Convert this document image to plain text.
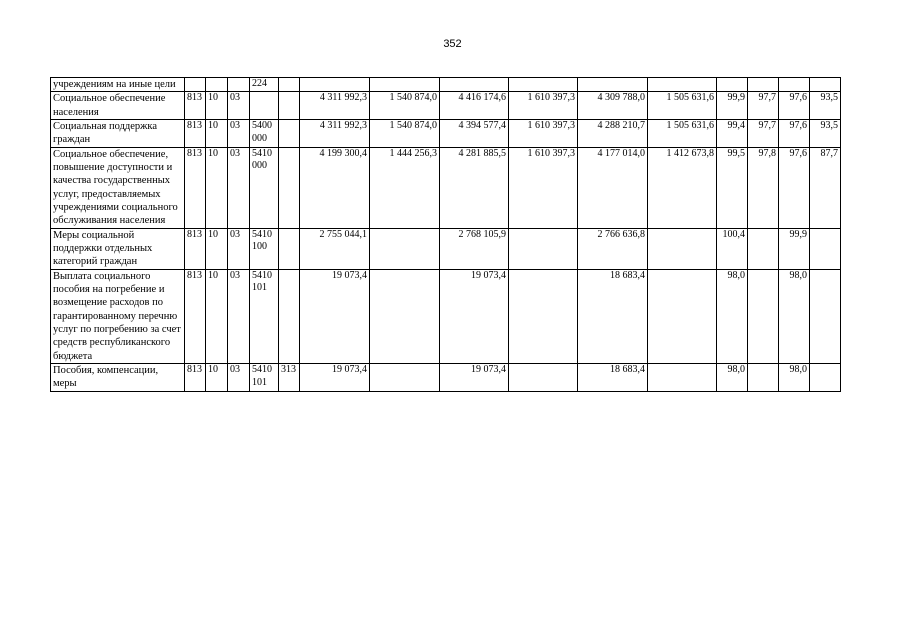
352
учреждениям на иные цели				224											
Социальное обеспечение населения	813	10	03			4 311 992,3	1 540 874,0	4 416 174,6	1 610 397,3	4 309 788,0	1 505 631,6	99,9	97,7	97,6	93,5
Социальная поддержка граждан	813	10	03	5400 000		4 311 992,3	1 540 874,0	4 394 577,4	1 610 397,3	4 288 210,7	1 505 631,6	99,4	97,7	97,6	93,5
Социальное обеспечение, повышение доступности и качества государственных услуг, предоставляемых учреждениями социального обслуживания населения	813	10	03	5410 000		4 199 300,4	1 444 256,3	4 281 885,5	1 610 397,3	4 177 014,0	1 412 673,8	99,5	97,8	97,6	87,7
Меры социальной поддержки отдельных категорий граждан	813	10	03	5410 100		2 755 044,1		2 768 105,9		2 766 636,8		100,4		99,9	
Выплата социального пособия на погребение и возмещение расходов по гарантированному перечню услуг по погребению за счет средств республиканского бюджета	813	10	03	5410 101		19 073,4		19 073,4		18 683,4		98,0		98,0	
Пособия, компенсации, меры	813	10	03	5410 101	313	19 073,4		19 073,4		18 683,4		98,0		98,0	
